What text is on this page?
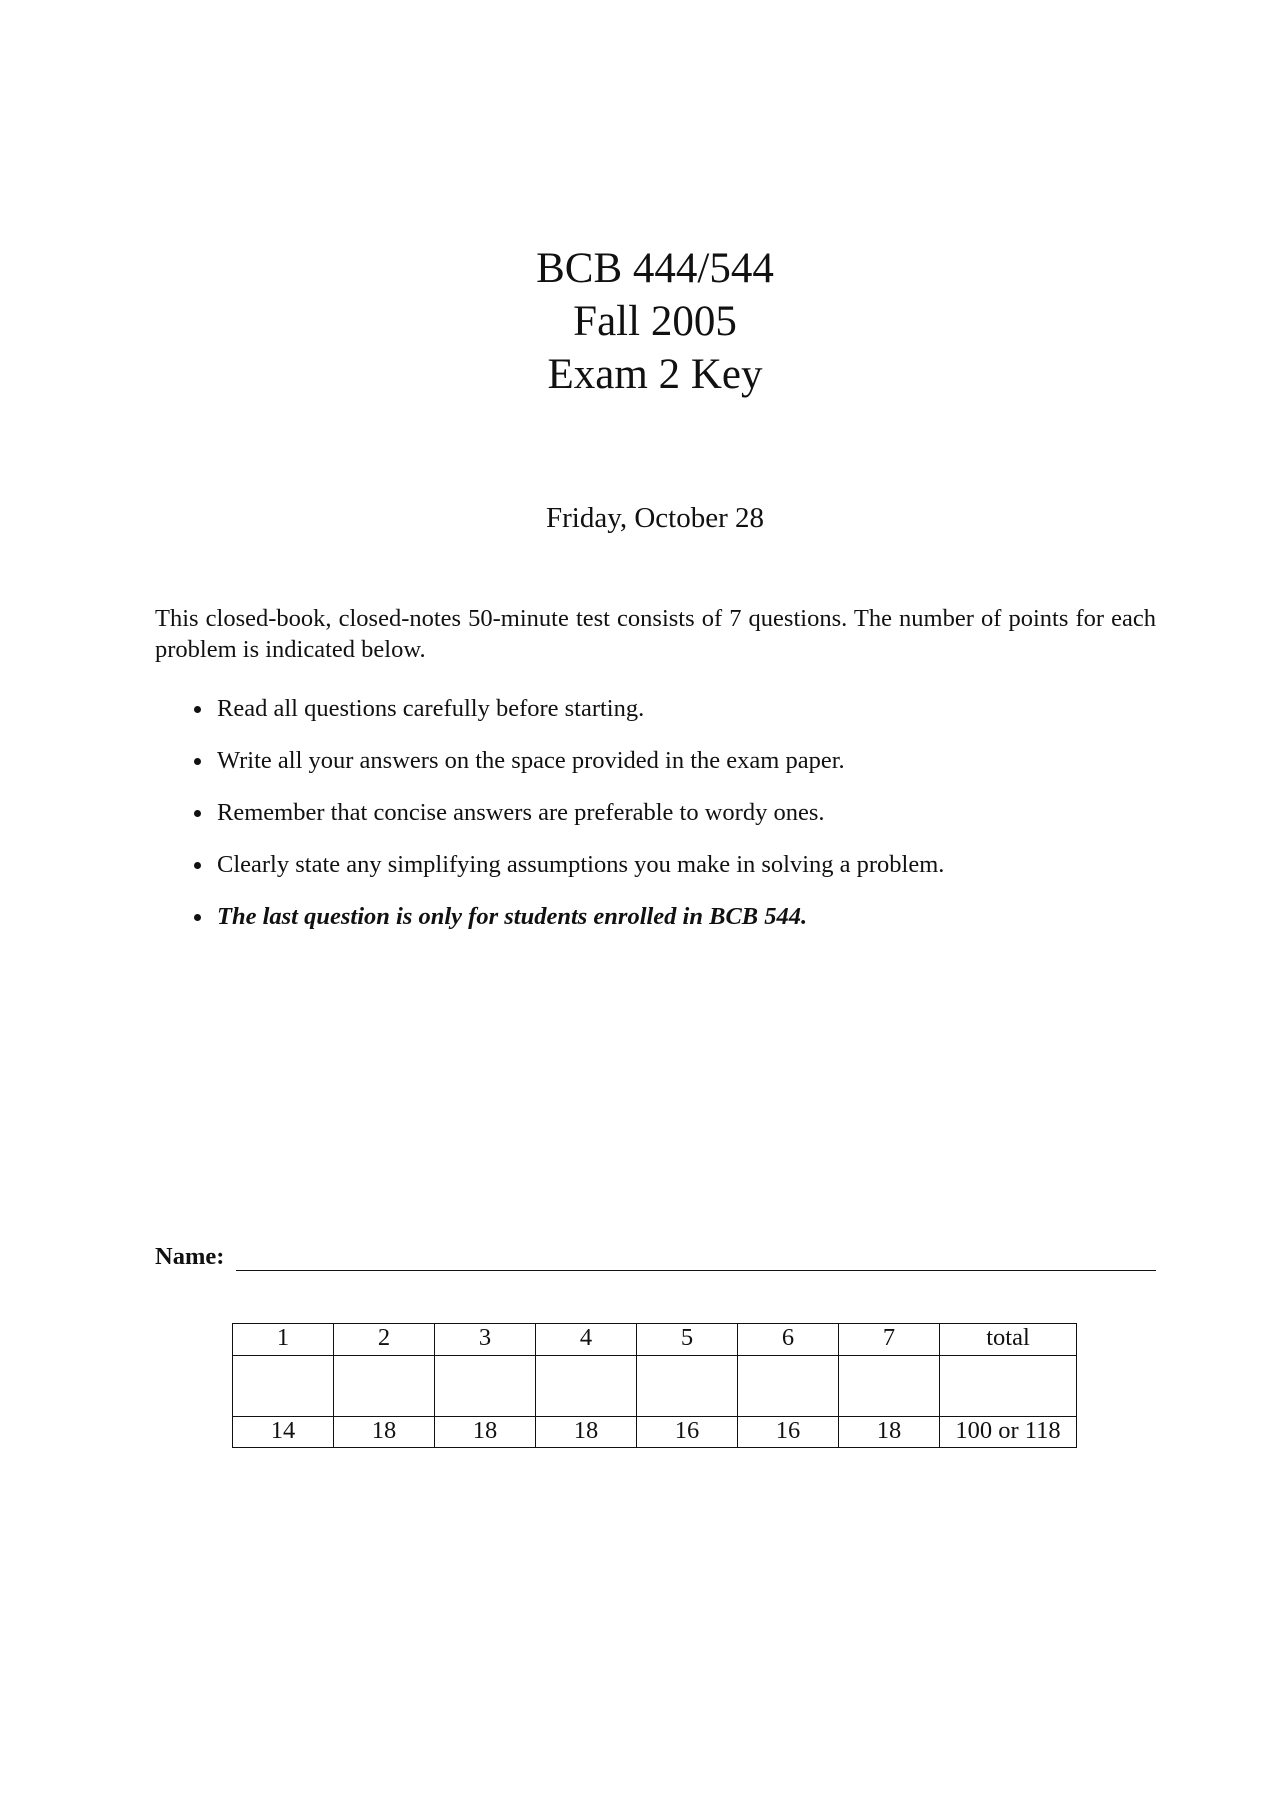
BCB 444/544
Fall 2005
Exam 2 Key
Friday, October 28
This closed-book, closed-notes 50-minute test consists of 7 questions. The number of points for each problem is indicated below.
Read all questions carefully before starting.
Write all your answers on the space provided in the exam paper.
Remember that concise answers are preferable to wordy ones.
Clearly state any simplifying assumptions you make in solving a problem.
The last question is only for students enrolled in BCB 544.
Name:
1	2	3	4	5	6	7	total

14	18	18	18	16	16	18	100 or 118
